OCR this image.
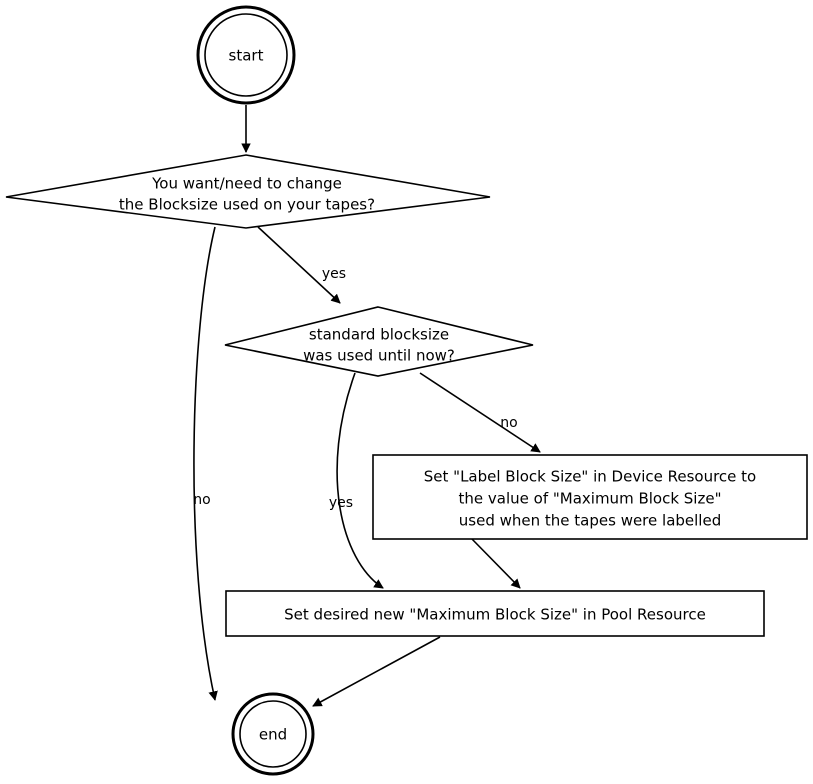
yes
no	yes
no
start
You want/need to change
the Blocksize used on your tapes?
standard blocksize
was used until now?
Set "Label Block Size" in Device Resource to
the value of "Maximum Block Size"
used when the tapes were labelled
Set desired new "Maximum Block Size" in Pool Resource
end
